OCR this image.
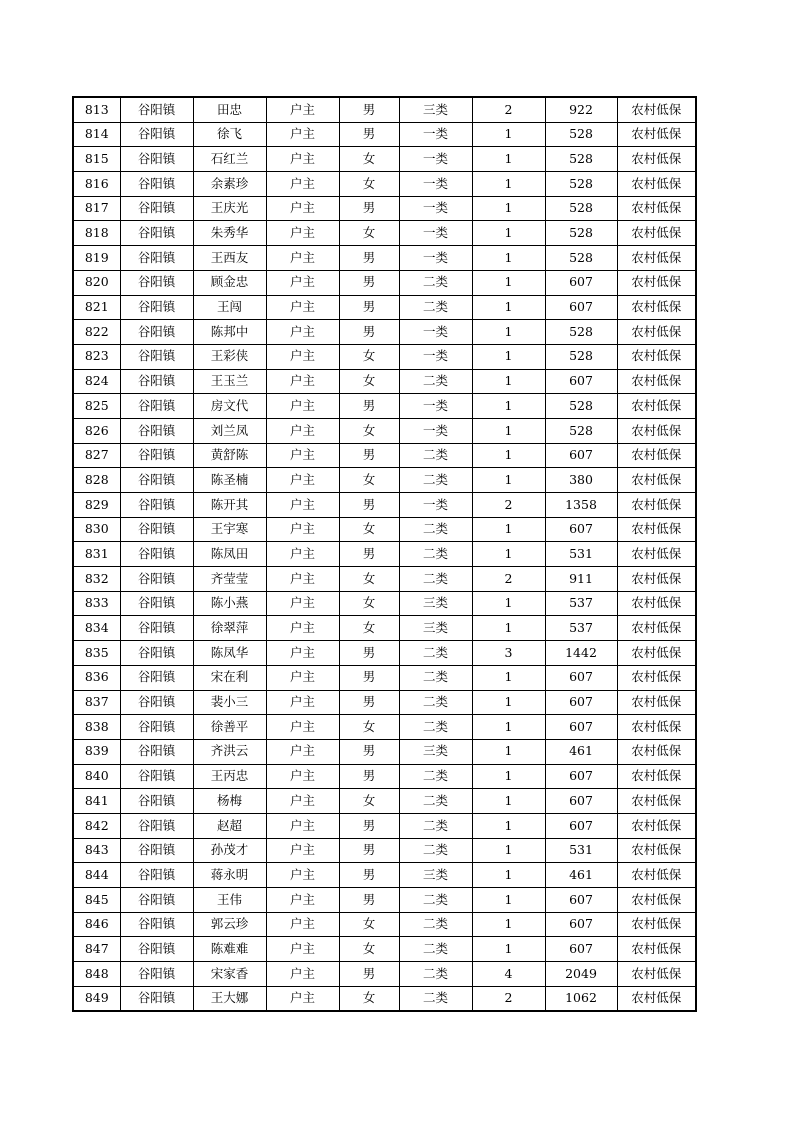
813	谷阳镇	田忠	户主	男	三类	2	922	农村低保
814	谷阳镇	徐飞	户主	男	一类	1	528	农村低保
815	谷阳镇	石红兰	户主	女	一类	1	528	农村低保
816	谷阳镇	余素珍	户主	女	一类	1	528	农村低保
817	谷阳镇	王庆光	户主	男	一类	1	528	农村低保
818	谷阳镇	朱秀华	户主	女	一类	1	528	农村低保
819	谷阳镇	王西友	户主	男	一类	1	528	农村低保
820	谷阳镇	顾金忠	户主	男	二类	1	607	农村低保
821	谷阳镇	王闯	户主	男	二类	1	607	农村低保
822	谷阳镇	陈邦中	户主	男	一类	1	528	农村低保
823	谷阳镇	王彩侠	户主	女	一类	1	528	农村低保
824	谷阳镇	王玉兰	户主	女	二类	1	607	农村低保
825	谷阳镇	房文代	户主	男	一类	1	528	农村低保
826	谷阳镇	刘兰凤	户主	女	一类	1	528	农村低保
827	谷阳镇	黄舒陈	户主	男	二类	1	607	农村低保
828	谷阳镇	陈圣楠	户主	女	二类	1	380	农村低保
829	谷阳镇	陈开其	户主	男	一类	2	1358	农村低保
830	谷阳镇	王宇寒	户主	女	二类	1	607	农村低保
831	谷阳镇	陈凤田	户主	男	二类	1	531	农村低保
832	谷阳镇	齐莹莹	户主	女	二类	2	911	农村低保
833	谷阳镇	陈小燕	户主	女	三类	1	537	农村低保
834	谷阳镇	徐翠萍	户主	女	三类	1	537	农村低保
835	谷阳镇	陈凤华	户主	男	二类	3	1442	农村低保
836	谷阳镇	宋在利	户主	男	二类	1	607	农村低保
837	谷阳镇	裴小三	户主	男	二类	1	607	农村低保
838	谷阳镇	徐善平	户主	女	二类	1	607	农村低保
839	谷阳镇	齐洪云	户主	男	三类	1	461	农村低保
840	谷阳镇	王丙忠	户主	男	二类	1	607	农村低保
841	谷阳镇	杨梅	户主	女	二类	1	607	农村低保
842	谷阳镇	赵超	户主	男	二类	1	607	农村低保
843	谷阳镇	孙茂才	户主	男	二类	1	531	农村低保
844	谷阳镇	蒋永明	户主	男	三类	1	461	农村低保
845	谷阳镇	王伟	户主	男	二类	1	607	农村低保
846	谷阳镇	郭云珍	户主	女	二类	1	607	农村低保
847	谷阳镇	陈难难	户主	女	二类	1	607	农村低保
848	谷阳镇	宋家香	户主	男	二类	4	2049	农村低保
849	谷阳镇	王大娜	户主	女	二类	2	1062	农村低保
